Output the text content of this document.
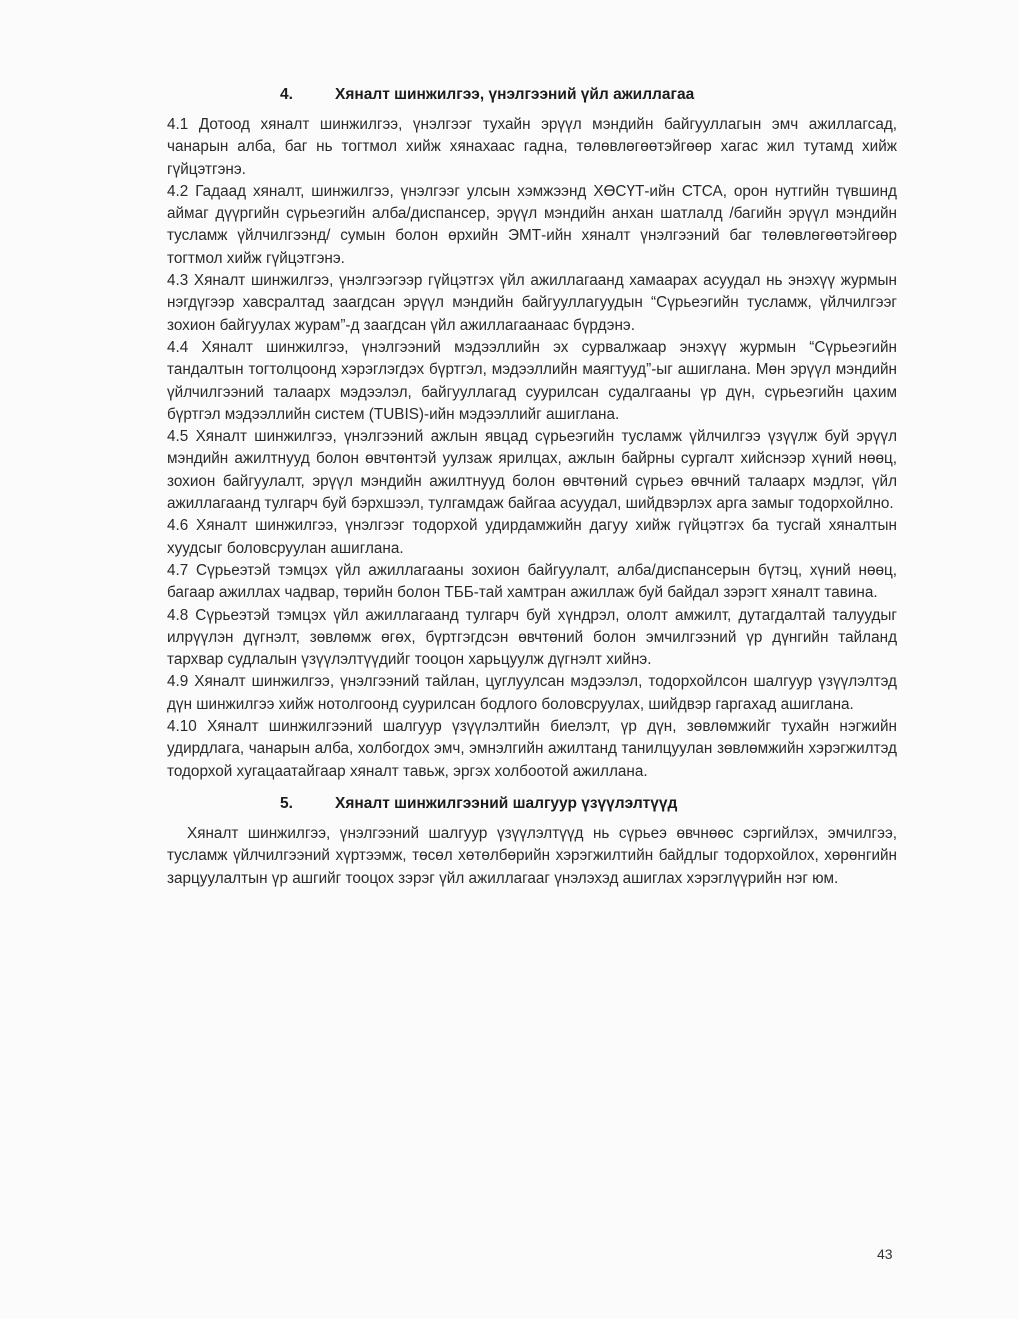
4.	Хяналт шинжилгээ, үнэлгээний үйл ажиллагаа

4.1 Дотоод хяналт шинжилгээ, үнэлгээг тухайн эрүүл мэндийн байгууллагын эмч ажиллагсад, чанарын алба, баг нь тогтмол хийж хянахаас гадна, төлөвлөгөөтэйгөөр хагас жил тутамд хийж гүйцэтгэнэ.

4.2 Гадаад хяналт, шинжилгээ, үнэлгээг улсын хэмжээнд ХӨСҮТ-ийн СТСА, орон нутгийн түвшинд аймаг дүүргийн сүрьеэгийн алба/диспансер, эрүүл мэндийн анхан шатлалд /багийн эрүүл мэндийн тусламж үйлчилгээнд/ сумын болон өрхийн ЭМТ-ийн хяналт үнэлгээний баг төлөвлөгөөтэйгөөр тогтмол хийж гүйцэтгэнэ.

4.3 Хяналт шинжилгээ, үнэлгээгээр гүйцэтгэх үйл ажиллагаанд хамаарах асуудал нь энэхүү журмын нэгдүгээр хавсралтад заагдсан эрүүл мэндийн байгууллагуудын “Сүрьеэгийн тусламж, үйлчилгээг зохион байгуулах журам”-д заагдсан үйл ажиллагаанаас бүрдэнэ.

4.4 Хяналт шинжилгээ, үнэлгээний мэдээллийн эх сурвалжаар энэхүү журмын “Сүрьеэгийн тандалтын тогтолцоонд хэрэглэгдэх бүртгэл, мэдээллийн маягтууд”-ыг ашиглана. Мөн эрүүл мэндийн үйлчилгээний талаарх мэдээлэл, байгууллагад суурилсан судалгааны үр дүн, сүрьеэгийн цахим бүртгэл мэдээллийн систем (TUBIS)-ийн мэдээллийг ашиглана.

4.5 Хяналт шинжилгээ, үнэлгээний ажлын явцад сүрьеэгийн тусламж үйлчилгээ үзүүлж буй эрүүл мэндийн ажилтнууд болон өвчтөнтэй уулзаж ярилцах, ажлын байрны сургалт хийснээр хүний нөөц, зохион байгуулалт, эрүүл мэндийн ажилтнууд болон өвчтөний сүрьеэ өвчний талаарх мэдлэг, үйл ажиллагаанд тулгарч буй бэрхшээл, тулгамдаж байгаа асуудал, шийдвэрлэх арга замыг тодорхойлно.

4.6 Хяналт шинжилгээ, үнэлгээг тодорхой удирдамжийн дагуу хийж гүйцэтгэх ба тусгай хяналтын хуудсыг боловсруулан ашиглана.

4.7 Сүрьеэтэй тэмцэх үйл ажиллагааны зохион байгуулалт, алба/диспансерын бүтэц, хүний нөөц, багаар ажиллах чадвар, төрийн болон ТББ-тай хамтран ажиллаж буй байдал зэрэгт хяналт тавина.

4.8 Сүрьеэтэй тэмцэх үйл ажиллагаанд тулгарч буй хүндрэл, ололт амжилт, дутагдалтай талуудыг илрүүлэн дүгнэлт, зөвлөмж өгөх, бүртгэгдсэн өвчтөний болон эмчилгээний үр дүнгийн тайланд тархвар судлалын үзүүлэлтүүдийг тооцон харьцуулж дүгнэлт хийнэ.

4.9 Хяналт шинжилгээ, үнэлгээний тайлан, цуглуулсан мэдээлэл, тодорхойлсон шалгуур үзүүлэлтэд дүн шинжилгээ хийж нотолгоонд суурилсан бодлого боловсруулах, шийдвэр гаргахад ашиглана.

4.10 Хяналт шинжилгээний шалгуур үзүүлэлтийн биелэлт, үр дүн, зөвлөмжийг тухайн нэгжийн удирдлага, чанарын алба, холбогдох эмч, эмнэлгийн ажилтанд танилцуулан зөвлөмжийн хэрэгжилтэд тодорхой хугацаатайгаар хяналт тавьж, эргэх холбоотой ажиллана.

5.	Хяналт шинжилгээний шалгуур үзүүлэлтүүд

Хяналт шинжилгээ, үнэлгээний шалгуур үзүүлэлтүүд нь сүрьеэ өвчнөөс сэргийлэх, эмчилгээ, тусламж үйлчилгээний хүртээмж, төсөл хөтөлбөрийн хэрэгжилтийн байдлыг тодорхойлох, хөрөнгийн зарцуулалтын үр ашгийг тооцох зэрэг үйл ажиллагааг үнэлэхэд ашиглах хэрэглүүрийн нэг юм.

43
